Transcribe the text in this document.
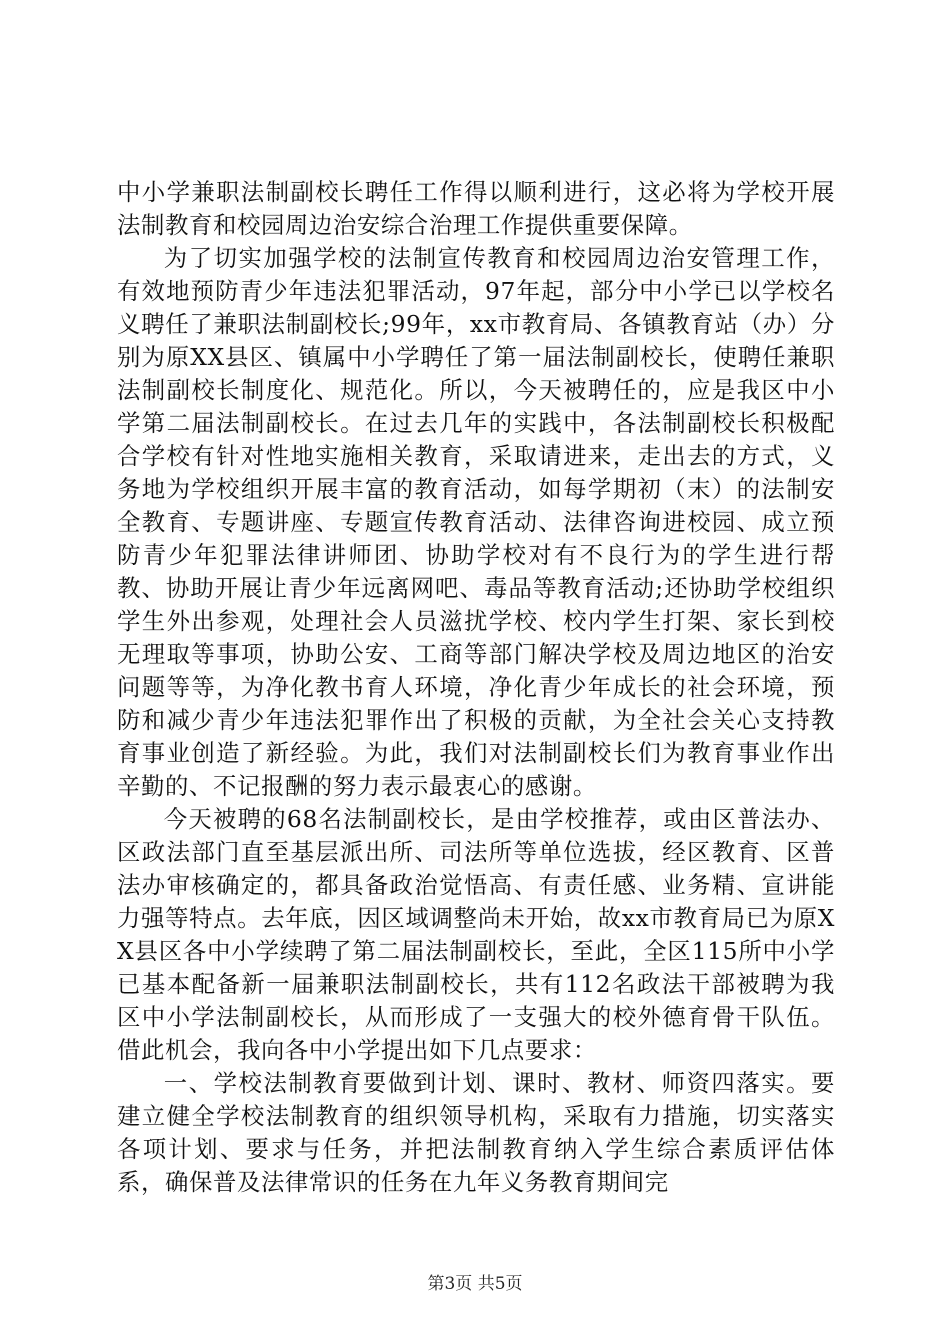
中小学兼职法制副校长聘任工作得以顺利进行，这必将为学校开展法制教育和校园周边治安综合治理工作提供重要保障。

为了切实加强学校的法制宣传教育和校园周边治安管理工作，有效地预防青少年违法犯罪活动，97年起，部分中小学已以学校名义聘任了兼职法制副校长;99年，xx市教育局、各镇教育站（办）分别为原XX县区、镇属中小学聘任了第一届法制副校长，使聘任兼职法制副校长制度化、规范化。所以，今天被聘任的，应是我区中小学第二届法制副校长。在过去几年的实践中，各法制副校长积极配合学校有针对性地实施相关教育，采取请进来，走出去的方式，义务地为学校组织开展丰富的教育活动，如每学期初（末）的法制安全教育、专题讲座、专题宣传教育活动、法律咨询进校园、成立预防青少年犯罪法律讲师团、协助学校对有不良行为的学生进行帮教、协助开展让青少年远离网吧、毒品等教育活动;还协助学校组织学生外出参观，处理社会人员滋扰学校、校内学生打架、家长到校无理取等事项，协助公安、工商等部门解决学校及周边地区的治安问题等等，为净化教书育人环境，净化青少年成长的社会环境，预防和减少青少年违法犯罪作出了积极的贡献，为全社会关心支持教育事业创造了新经验。为此，我们对法制副校长们为教育事业作出辛勤的、不记报酬的努力表示最衷心的感谢。

今天被聘的68名法制副校长，是由学校推荐，或由区普法办、区政法部门直至基层派出所、司法所等单位选拔，经区教育、区普法办审核确定的，都具备政治觉悟高、有责任感、业务精、宣讲能力强等特点。去年底，因区域调整尚未开始，故xx市教育局已为原XX县区各中小学续聘了第二届法制副校长，至此，全区115所中小学已基本配备新一届兼职法制副校长，共有112名政法干部被聘为我区中小学法制副校长，从而形成了一支强大的校外德育骨干队伍。借此机会，我向各中小学提出如下几点要求：

一、学校法制教育要做到计划、课时、教材、师资四落实。要建立健全学校法制教育的组织领导机构，采取有力措施，切实落实各项计划、要求与任务，并把法制教育纳入学生综合素质评估体系，确保普及法律常识的任务在九年义务教育期间完

第3页 共5页
